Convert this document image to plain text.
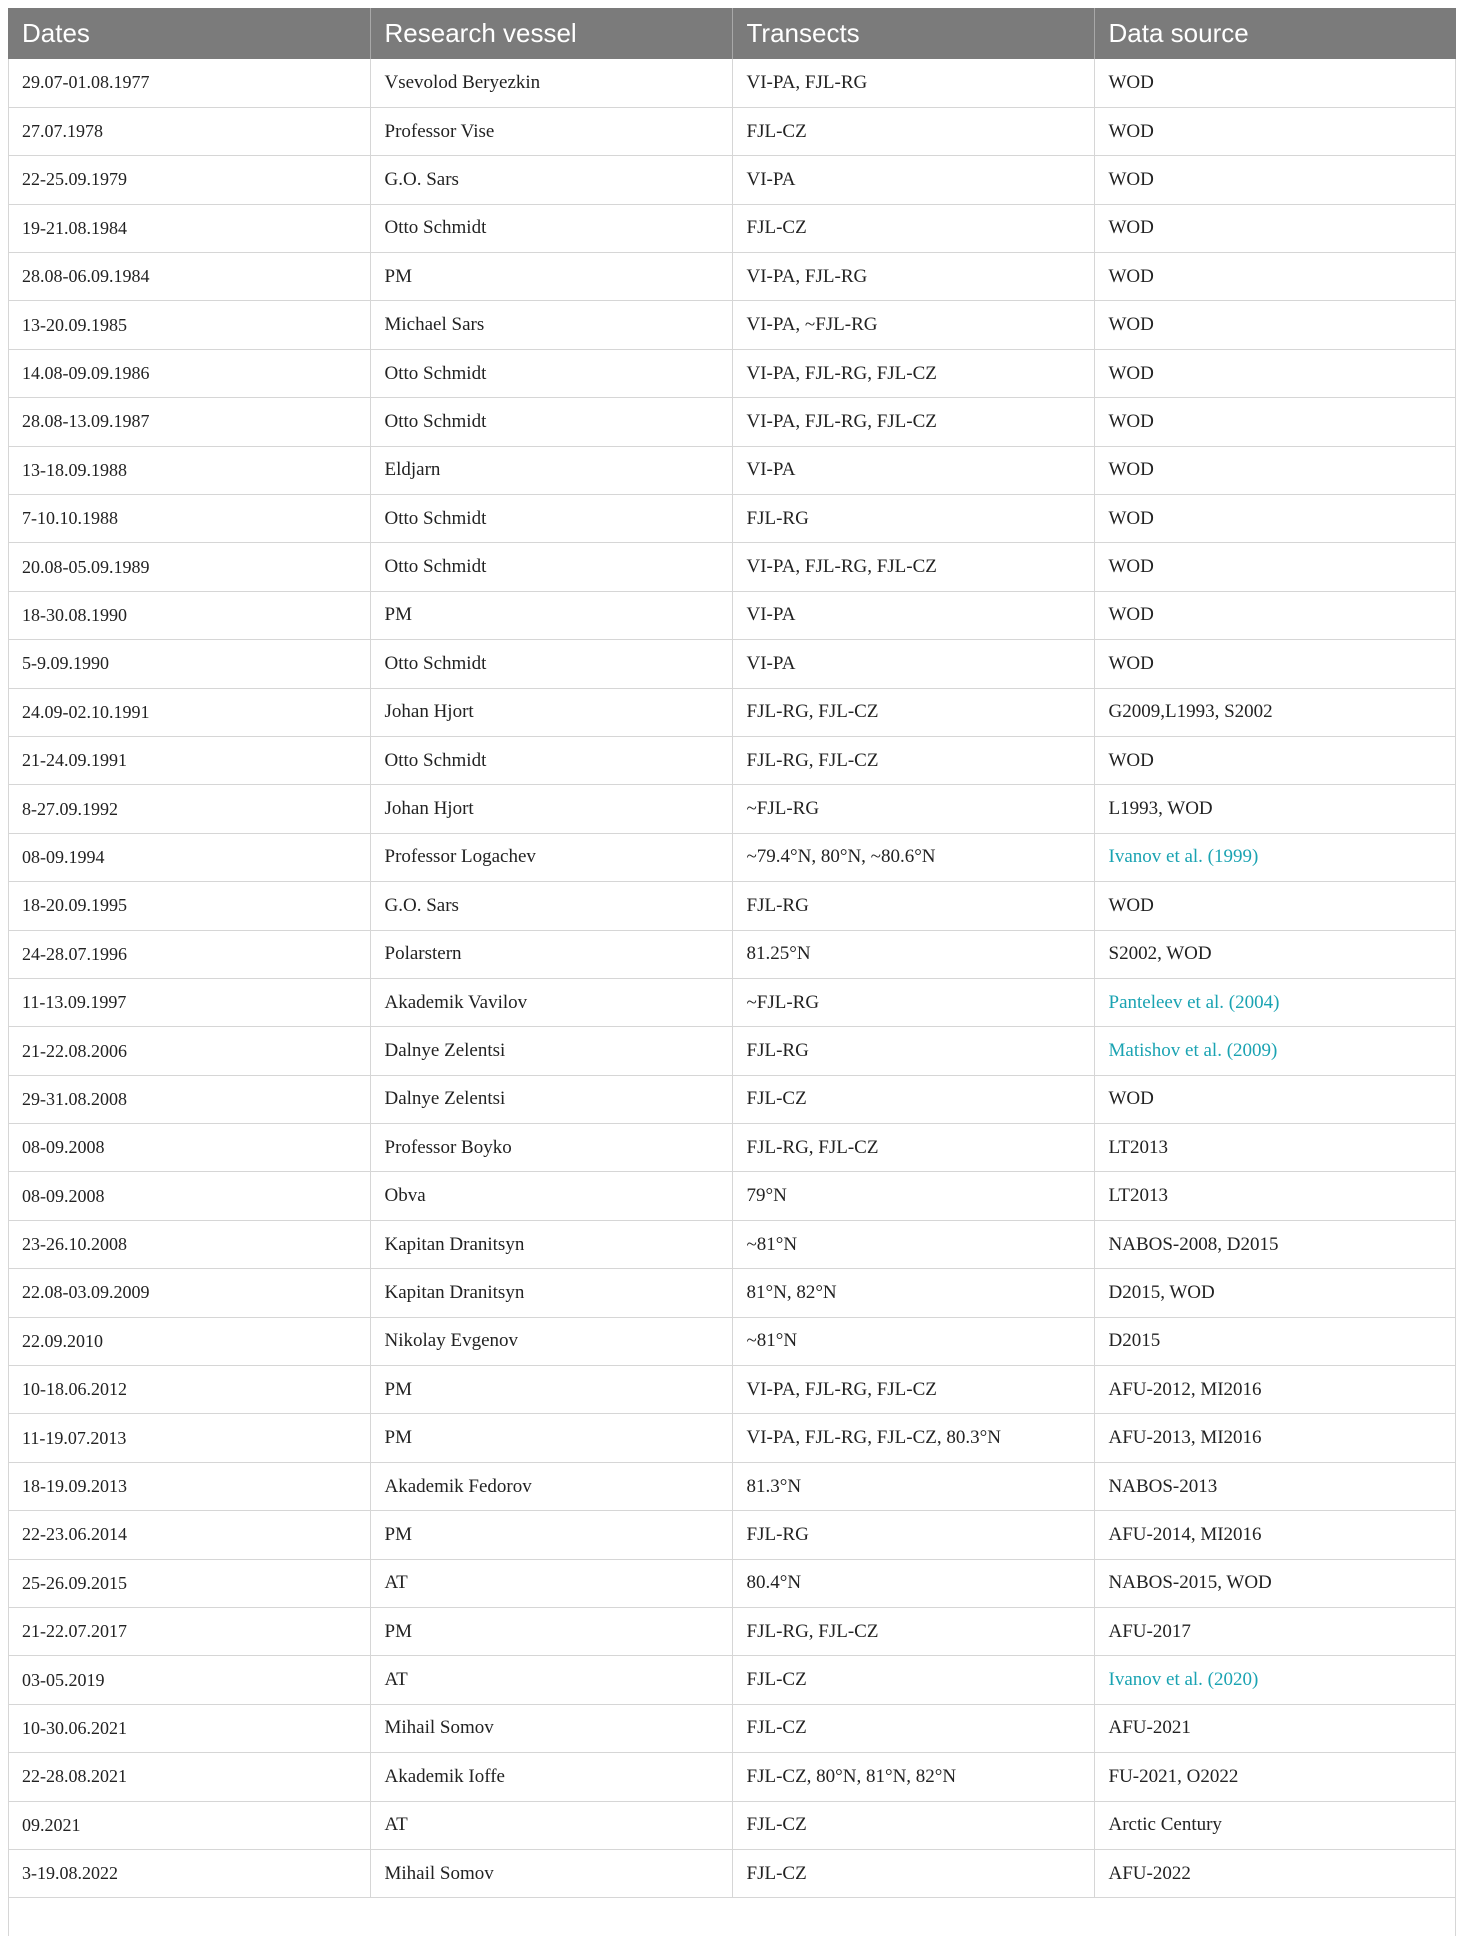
Dates	Research vessel	Transects	Data source
29.07-01.08.1977	Vsevolod Beryezkin	VI-PA, FJL-RG	WOD
27.07.1978	Professor Vise	FJL-CZ	WOD
22-25.09.1979	G.O. Sars	VI-PA	WOD
19-21.08.1984	Otto Schmidt	FJL-CZ	WOD
28.08-06.09.1984	PM	VI-PA, FJL-RG	WOD
13-20.09.1985	Michael Sars	VI-PA, ~FJL-RG	WOD
14.08-09.09.1986	Otto Schmidt	VI-PA, FJL-RG, FJL-CZ	WOD
28.08-13.09.1987	Otto Schmidt	VI-PA, FJL-RG, FJL-CZ	WOD
13-18.09.1988	Eldjarn	VI-PA	WOD
7-10.10.1988	Otto Schmidt	FJL-RG	WOD
20.08-05.09.1989	Otto Schmidt	VI-PA, FJL-RG, FJL-CZ	WOD
18-30.08.1990	PM	VI-PA	WOD
5-9.09.1990	Otto Schmidt	VI-PA	WOD
24.09-02.10.1991	Johan Hjort	FJL-RG, FJL-CZ	G2009,L1993, S2002
21-24.09.1991	Otto Schmidt	FJL-RG, FJL-CZ	WOD
8-27.09.1992	Johan Hjort	~FJL-RG	L1993, WOD
08-09.1994	Professor Logachev	~79.4°N, 80°N, ~80.6°N	Ivanov et al. (1999)
18-20.09.1995	G.O. Sars	FJL-RG	WOD
24-28.07.1996	Polarstern	81.25°N	S2002, WOD
11-13.09.1997	Akademik Vavilov	~FJL-RG	Panteleev et al. (2004)
21-22.08.2006	Dalnye Zelentsi	FJL-RG	Matishov et al. (2009)
29-31.08.2008	Dalnye Zelentsi	FJL-CZ	WOD
08-09.2008	Professor Boyko	FJL-RG, FJL-CZ	LT2013
08-09.2008	Obva	79°N	LT2013
23-26.10.2008	Kapitan Dranitsyn	~81°N	NABOS-2008, D2015
22.08-03.09.2009	Kapitan Dranitsyn	81°N, 82°N	D2015, WOD
22.09.2010	Nikolay Evgenov	~81°N	D2015
10-18.06.2012	PM	VI-PA, FJL-RG, FJL-CZ	AFU-2012, MI2016
11-19.07.2013	PM	VI-PA, FJL-RG, FJL-CZ, 80.3°N	AFU-2013, MI2016
18-19.09.2013	Akademik Fedorov	81.3°N	NABOS-2013
22-23.06.2014	PM	FJL-RG	AFU-2014, MI2016
25-26.09.2015	AT	80.4°N	NABOS-2015, WOD
21-22.07.2017	PM	FJL-RG, FJL-CZ	AFU-2017
03-05.2019	AT	FJL-CZ	Ivanov et al. (2020)
10-30.06.2021	Mihail Somov	FJL-CZ	AFU-2021
22-28.08.2021	Akademik Ioffe	FJL-CZ, 80°N, 81°N, 82°N	FU-2021, O2022
09.2021	AT	FJL-CZ	Arctic Century
3-19.08.2022	Mihail Somov	FJL-CZ	AFU-2022
